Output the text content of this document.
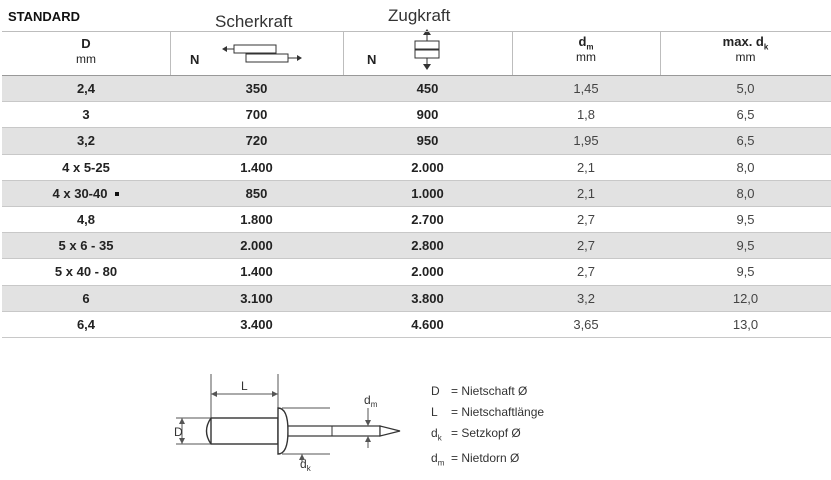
STANDARD
D
mm
Scherkraft
N
Zugkraft
N
$d_m$
mm
max. $d_k$
mm
2,4	350	450	1,45	5,0
3	700	900	1,8	6,5
3,2	720	950	1,95	6,5
4 x 5-25	1.400	2.000	2,1	8,0
4 x 30-40	850	1.000	2,1	8,0
4,8	1.800	2.700	2,7	9,5
5 x 6 - 35	2.000	2.800	2,7	9,5
5 x 40 - 80	1.400	2.000	2,7	9,5
6	3.100	3.800	3,2	12,0
6,4	3.400	4.600	3,65	13,0
L
D
$d_k$
$d_m$
D = Nietschaft Ø
L = Nietschaftlänge
$d_k$ = Setzkopf Ø
$d_m$ = Nietdorn Ø
